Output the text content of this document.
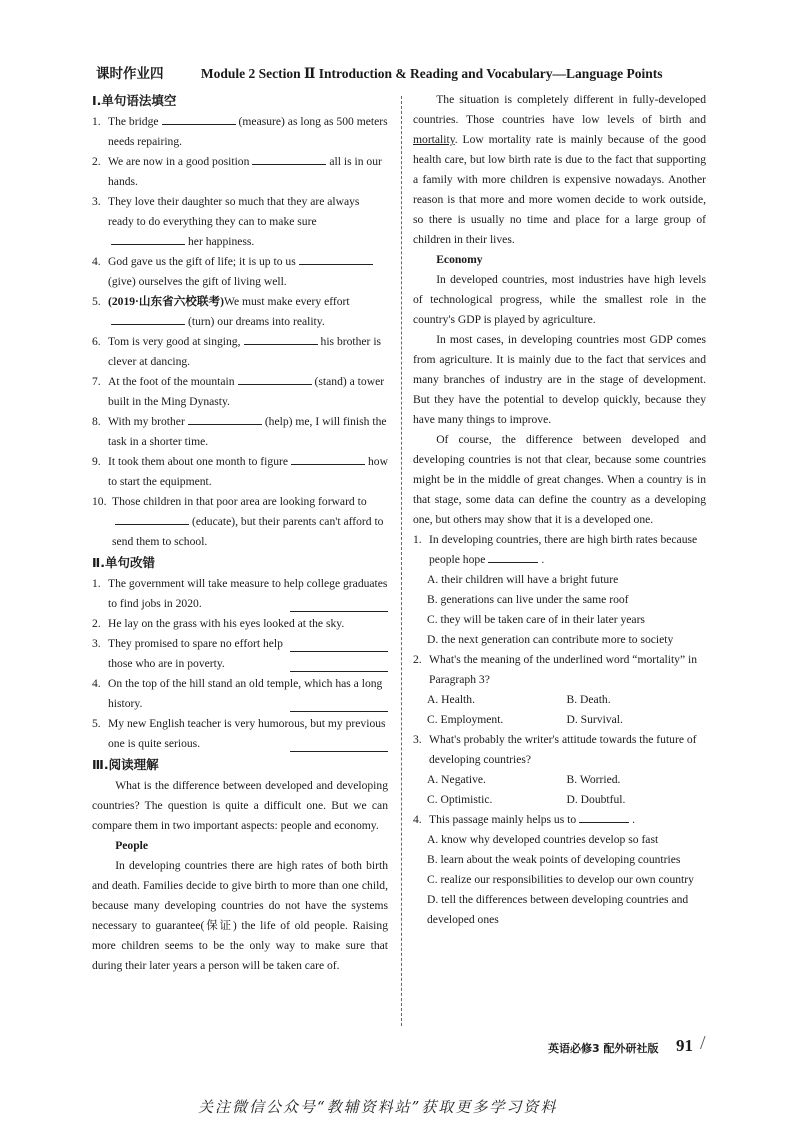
课时作业四	Module 2 Section Ⅱ Introduction & Reading and Vocabulary—Language Points
Ⅰ.单句语法填空
1. The bridge	(measure) as long as 500 meters needs repairing.
2. We are now in a good position	all is in our hands.
3. They love their daughter so much that they are always ready to do everything they can to make sureher happiness.
4. God gave us the gift of life; it is up to us(give) ourselves the gift of living well.
5. (2019·山东省六校联考)We must make every effort(turn) our dreams into reality.
6. Tom is very good at singing,	his brother is clever at dancing.
7. At the foot of the mountain	(stand) a tower built in the Ming Dynasty.
8. With my brother	(help) me, I will finish the task in a shorter time.
9. It took them about one month to figure	how to start the equipment.
10. Those children in that poor area are looking forward to(educate), but their parents can't afford to send them to school.
Ⅱ.单句改错
1. The government will take measure to help college graduates to find jobs in 2020.
2. He lay on the grass with his eyes looked at the sky.
3. They promised to spare no effort help those who are in poverty.
4. On the top of the hill stand an old temple, which has a long history.
5. My new English teacher is very humorous, but my previous one is quite serious.
Ⅲ.阅读理解

What is the difference between developed and developing countries? The question is quite a difficult one. But we can compare them in two important aspects: people and economy.

People

In developing countries there are high rates of both birth and death. Families decide to give birth to more than one child, because many developing countries do not have the systems necessary to guarantee(保证) the life of old people. Raising more children seems to be the only way to make sure that during their later years a person will be taken care of.

The situation is completely different in fully-developed countries. Those countries have low levels of birth and mortality. Low mortality rate is mainly because of the good health care, but low birth rate is due to the fact that supporting a family with more children is expensive nowadays. Another reason is that more and more women decide to work outside, so there is usually no time and place for a large group of children in their lives.

Economy

In developed countries, most industries have high levels of technological progress, while the smallest role in the country's GDP is played by agriculture.

In most cases, in developing countries most GDP comes from agriculture. It is mainly due to the fact that services and many branches of industry are in the stage of development. But they have the potential to develop quickly, because they have many things to improve.

Of course, the difference between developed and developing countries is not that clear, because some countries might be in the middle of great changes. When a country is in that stage, some data can define the country as a developing one, but others may show that it is a developed one.

1. In developing countries, there are high birth rates because people hope	.
A. their children will have a bright future
B. generations can live under the same roof
C. they will be taken care of in their later years
D. the next generation can contribute more to society
2. What's the meaning of the underlined word “mortality” in Paragraph 3?
A. Health.	B. Death.
C. Employment.	D. Survival.
3. What's probably the writer's attitude towards the future of developing countries?
A. Negative.	B. Worried.
C. Optimistic.	D. Doubtful.
4. This passage mainly helps us to	.
A. know why developed countries develop so fast
B. learn about the weak points of developing countries
C. realize our responsibilities to develop our own country
D. tell the differences between developing countries and developed ones
英语必修3 配外研社版 91 /
关注微信公众号“教辅资料站”获取更多学习资料
